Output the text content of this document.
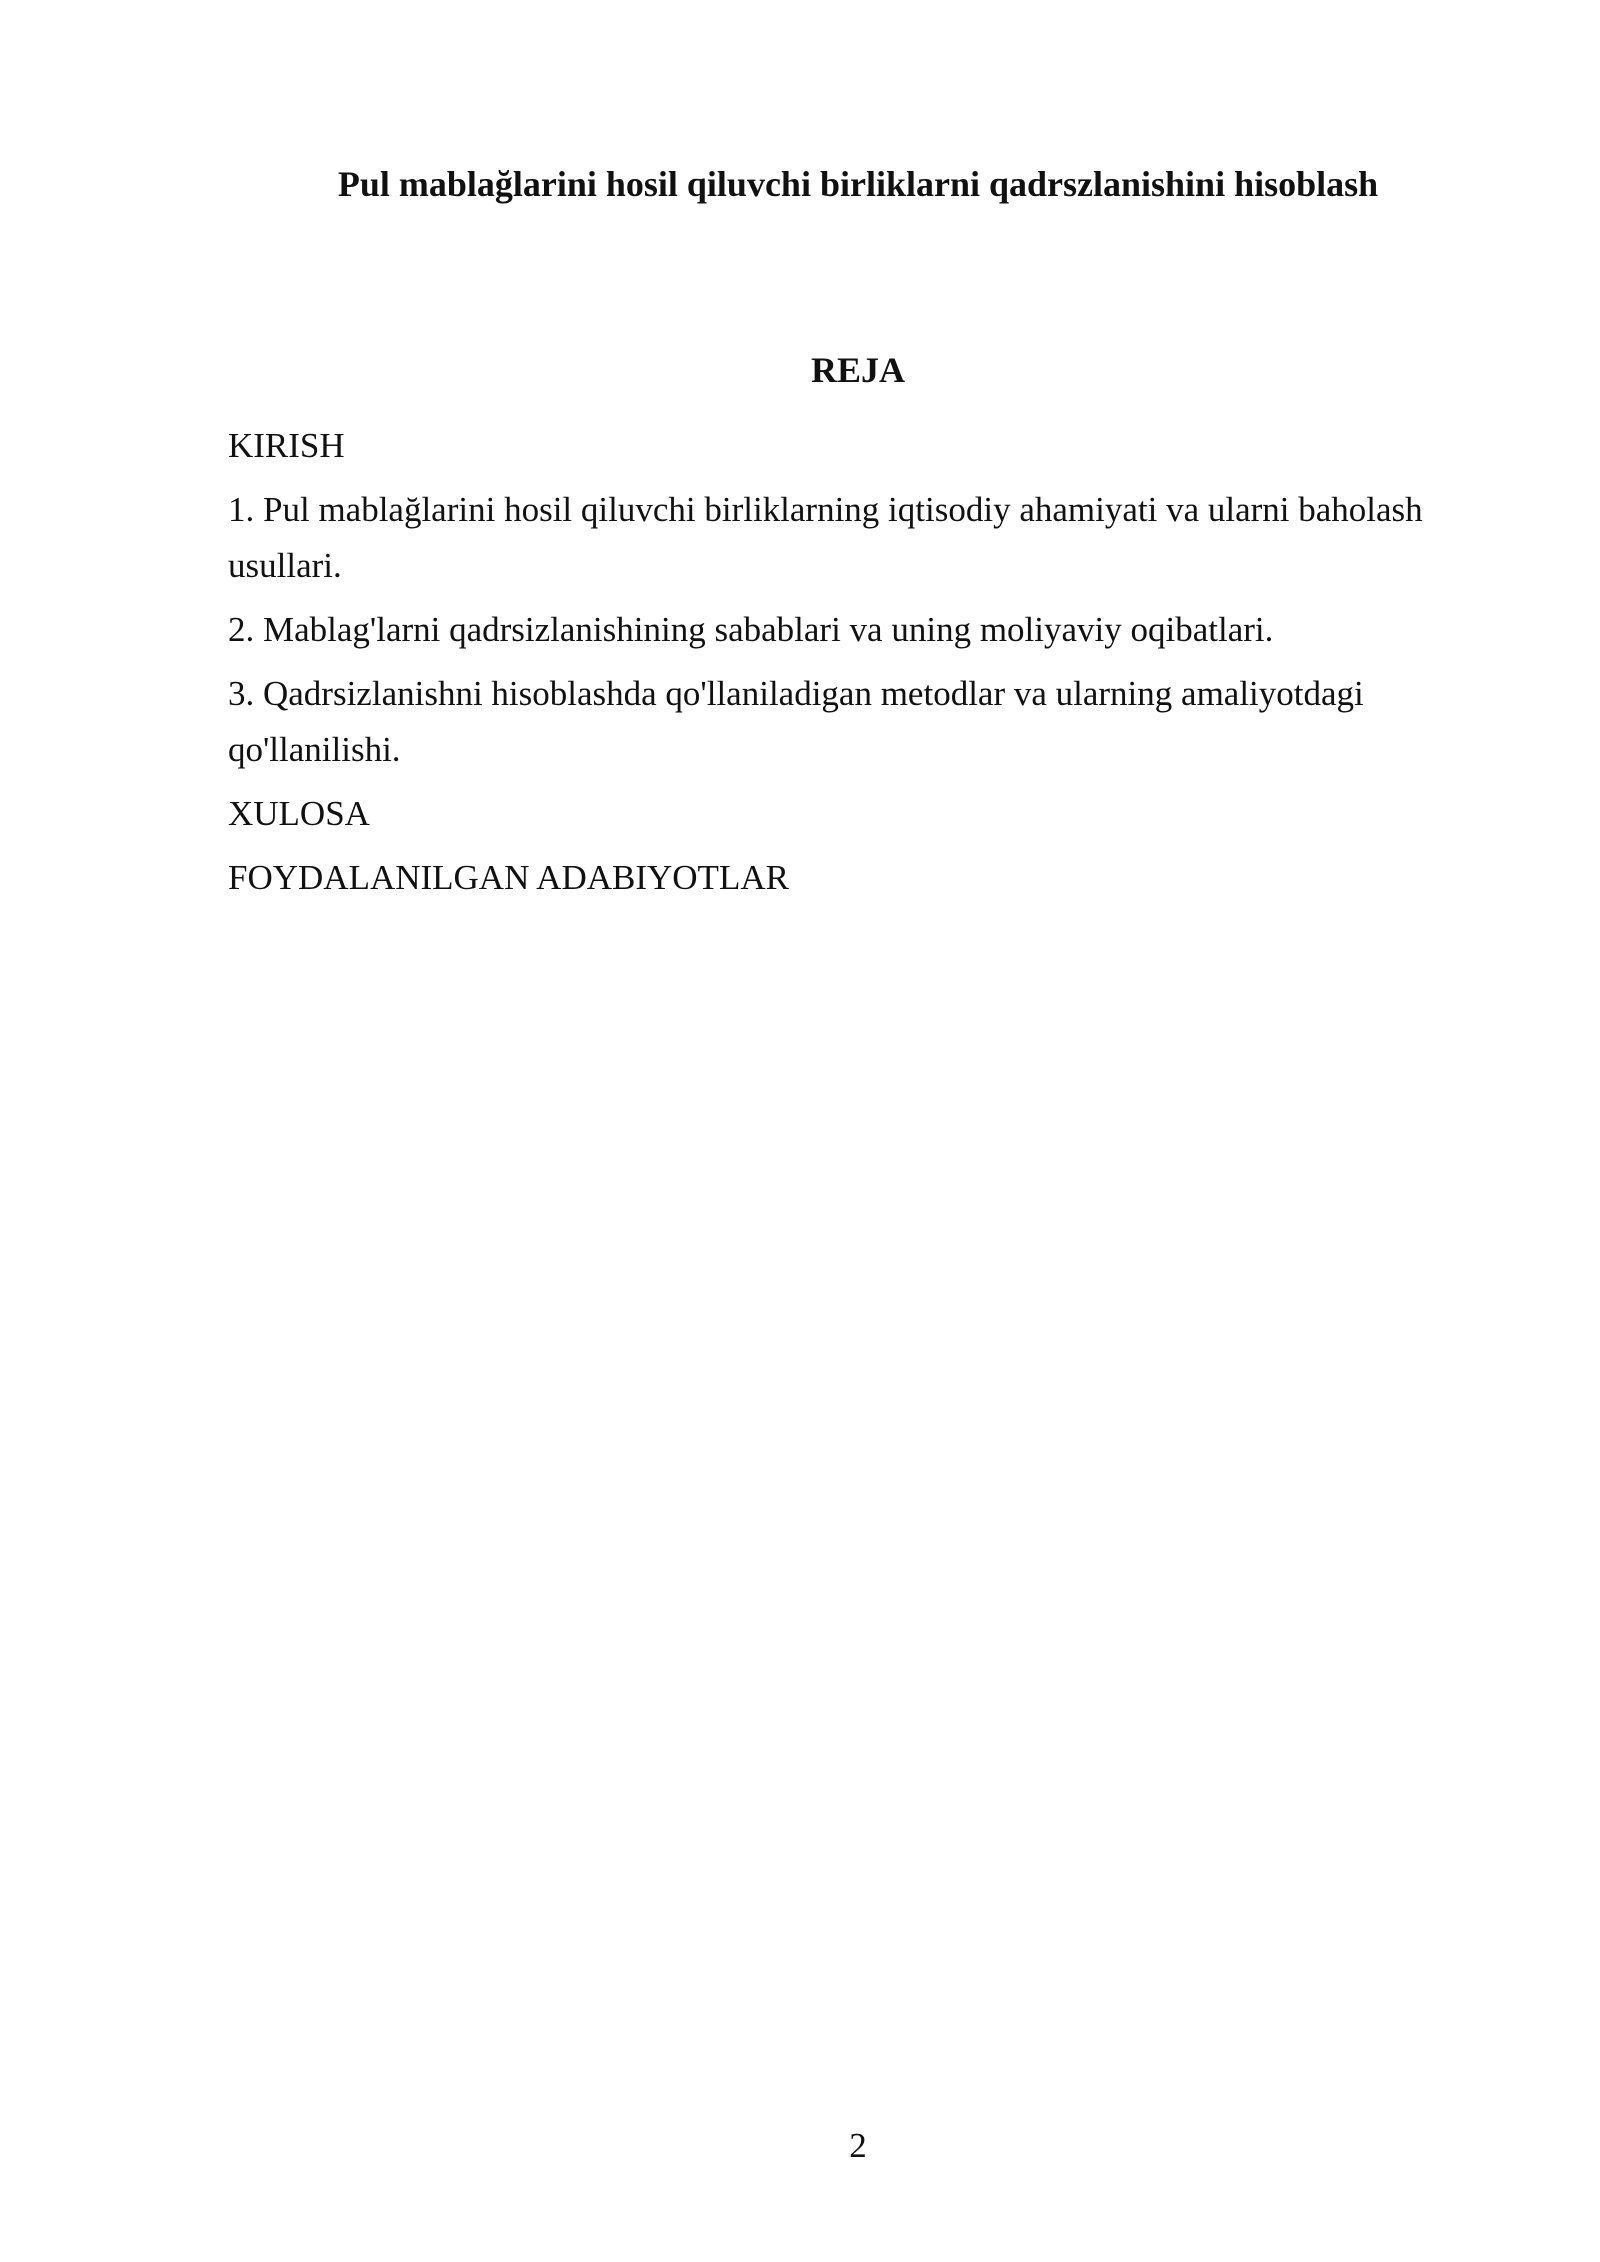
Pul mablağlarini hosil qiluvchi birliklarni qadrszlanishini hisoblash
REJA
KIRISH
1. Pul mablağlarini hosil qiluvchi birliklarning iqtisodiy ahamiyati va ularni baholash usullari.
2. Mablag'larni qadrsizlanishining sabablari va uning moliyaviy oqibatlari.
3. Qadrsizlanishni hisoblashda qo'llaniladigan metodlar va ularning amaliyotdagi qo'llanilishi.
XULOSA
FOYDALANILGAN ADABIYOTLAR
2
